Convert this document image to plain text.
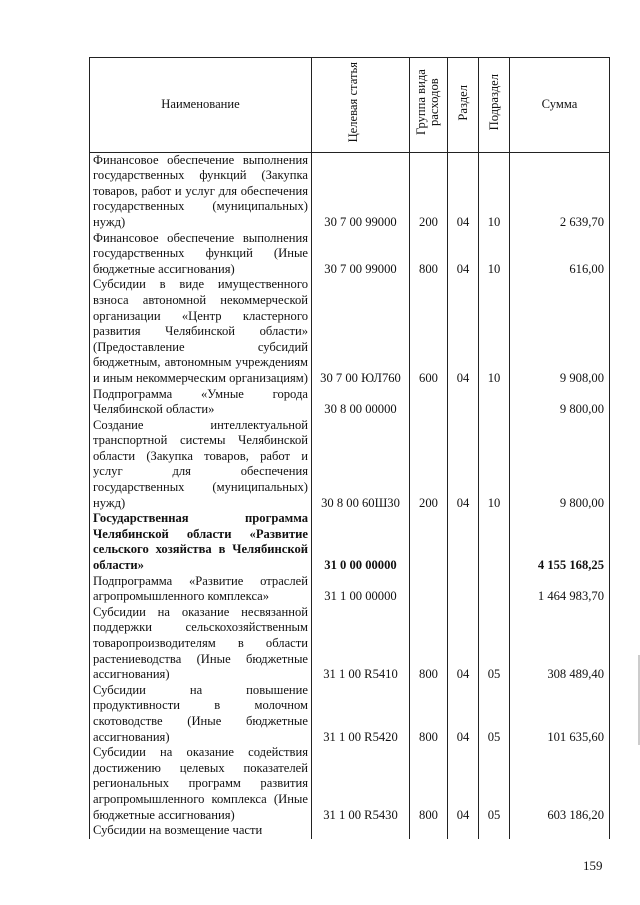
Наименование	Целевая статья	Группа вида расходов	Раздел	Подраздел	Сумма
Финансовое обеспечение выполнения государственных функций (Закупка товаров, работ и услуг для обеспечения государственных (муниципальных) нужд)	30 7 00 99000	200	04	10	2 639,70
Финансовое обеспечение выполнения государственных функций (Иные бюджетные ассигнования)	30 7 00 99000	800	04	10	616,00
Субсидии в виде имущественного взноса автономной некоммерческой организации «Центр кластерного развития Челябинской области» (Предоставление субсидий бюджетным, автономным учреждениям и иным некоммерческим организациям)	30 7 00 ЮЛ760	600	04	10	9 908,00
Подпрограмма «Умные города Челябинской области»	30 8 00 00000				9 800,00
Создание интеллектуальной транспортной системы Челябинской области (Закупка товаров, работ и услуг для обеспечения государственных (муниципальных) нужд)	30 8 00 60Ш30	200	04	10	9 800,00
Государственная программа Челябинской области «Развитие сельского хозяйства в Челябинской области»	31 0 00 00000				4 155 168,25
Подпрограмма «Развитие отраслей агропромышленного комплекса»	31 1 00 00000				1 464 983,70
Субсидии на оказание несвязанной поддержки сельскохозяйственным товаропроизводителям в области растениеводства (Иные бюджетные ассигнования)	31 1 00 R5410	800	04	05	308 489,40
Субсидии на повышение продуктивности в молочном скотоводстве (Иные бюджетные ассигнования)	31 1 00 R5420	800	04	05	101 635,60
Субсидии на оказание содействия достижению целевых показателей региональных программ развития агропромышленного комплекса (Иные бюджетные ассигнования)	31 1 00 R5430	800	04	05	603 186,20
Субсидии на возмещение части					
159
